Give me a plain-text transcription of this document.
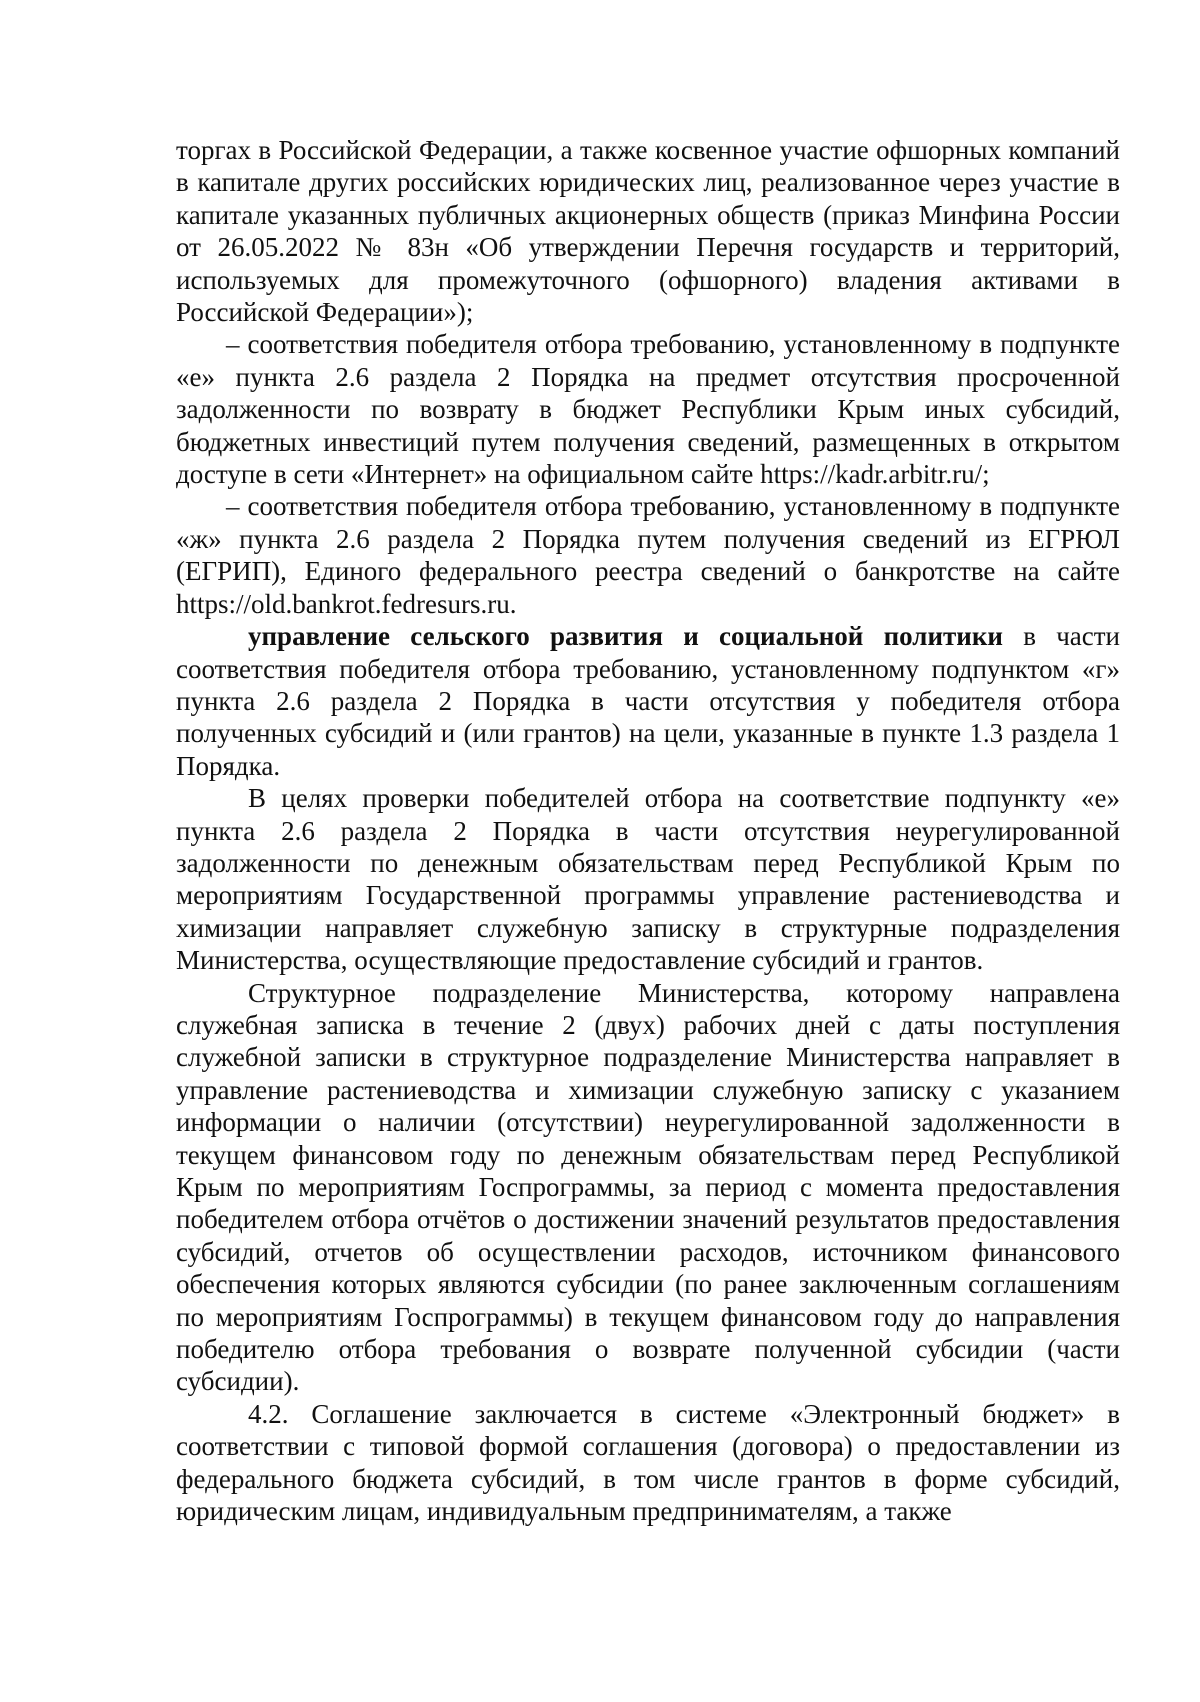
торгах в Российской Федерации, а также косвенное участие офшорных компаний в капитале других российских юридических лиц, реализованное через участие в капитале указанных публичных акционерных обществ (приказ Минфина России от 26.05.2022 № 83н «Об утверждении Перечня государств и территорий, используемых для промежуточного (офшорного) владения активами в Российской Федерации»);

– соответствия победителя отбора требованию, установленному в подпункте «е» пункта 2.6 раздела 2 Порядка на предмет отсутствия просроченной задолженности по возврату в бюджет Республики Крым иных субсидий, бюджетных инвестиций путем получения сведений, размещенных в открытом доступе в сети «Интернет» на официальном сайте https://kadr.arbitr.ru/;

– соответствия победителя отбора требованию, установленному в подпункте «ж» пункта 2.6 раздела 2 Порядка путем получения сведений из ЕГРЮЛ (ЕГРИП), Единого федерального реестра сведений о банкротстве на сайте https://old.bankrot.fedresurs.ru.

управление сельского развития и социальной политики в части соответствия победителя отбора требованию, установленному подпунктом «г» пункта 2.6 раздела 2 Порядка в части отсутствия у победителя отбора полученных субсидий и (или грантов) на цели, указанные в пункте 1.3 раздела 1 Порядка.

В целях проверки победителей отбора на соответствие подпункту «е» пункта 2.6 раздела 2 Порядка в части отсутствия неурегулированной задолженности по денежным обязательствам перед Республикой Крым по мероприятиям Государственной программы управление растениеводства и химизации направляет служебную записку в структурные подразделения Министерства, осуществляющие предоставление субсидий и грантов.

Структурное подразделение Министерства, которому направлена служебная записка в течение 2 (двух) рабочих дней с даты поступления служебной записки в структурное подразделение Министерства направляет в управление растениеводства и химизации служебную записку с указанием информации о наличии (отсутствии) неурегулированной задолженности в текущем финансовом году по денежным обязательствам перед Республикой Крым по мероприятиям Госпрограммы, за период с момента предоставления победителем отбора отчётов о достижении значений результатов предоставления субсидий, отчетов об осуществлении расходов, источником финансового обеспечения которых являются субсидии (по ранее заключенным соглашениям по мероприятиям Госпрограммы) в текущем финансовом году до направления победителю отбора требования о возврате полученной субсидии (части субсидии).

4.2. Соглашение заключается в системе «Электронный бюджет» в соответствии с типовой формой соглашения (договора) о предоставлении из федерального бюджета субсидий, в том числе грантов в форме субсидий, юридическим лицам, индивидуальным предпринимателям, а также
